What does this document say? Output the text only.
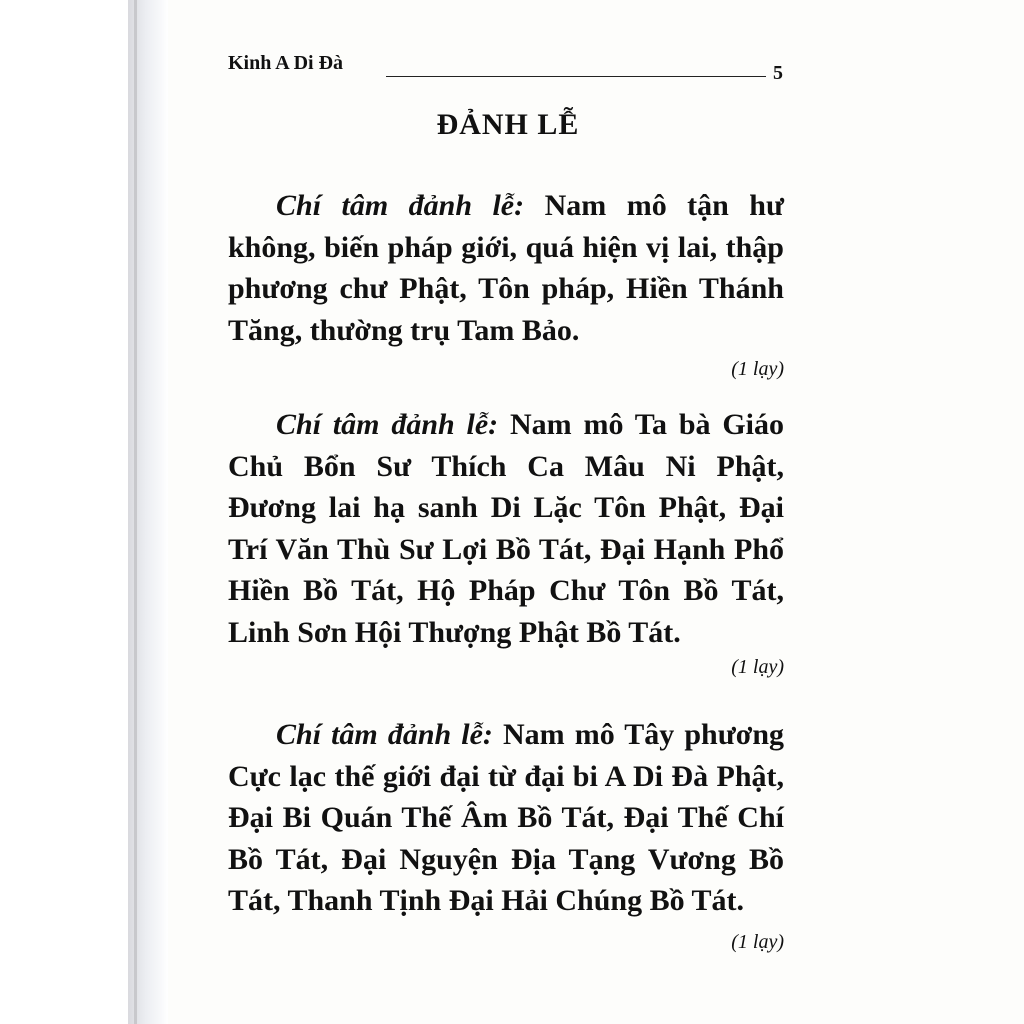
Kinh A Di Đà	5
ĐẢNH LỄ
Chí tâm đảnh lễ: Nam mô tận hư không, biến pháp giới, quá hiện vị lai, thập phương chư Phật, Tôn pháp, Hiền Thánh Tăng, thường trụ Tam Bảo.
(1 lạy)
Chí tâm đảnh lễ: Nam mô Ta bà Giáo Chủ Bổn Sư Thích Ca Mâu Ni Phật, Đương lai hạ sanh Di Lặc Tôn Phật, Đại Trí Văn Thù Sư Lợi Bồ Tát, Đại Hạnh Phổ Hiền Bồ Tát, Hộ Pháp Chư Tôn Bồ Tát, Linh Sơn Hội Thượng Phật Bồ Tát.
(1 lạy)
Chí tâm đảnh lễ: Nam mô Tây phương Cực lạc thế giới đại từ đại bi A Di Đà Phật, Đại Bi Quán Thế Âm Bồ Tát, Đại Thế Chí Bồ Tát, Đại Nguyện Địa Tạng Vương Bồ Tát, Thanh Tịnh Đại Hải Chúng Bồ Tát.
(1 lạy)
